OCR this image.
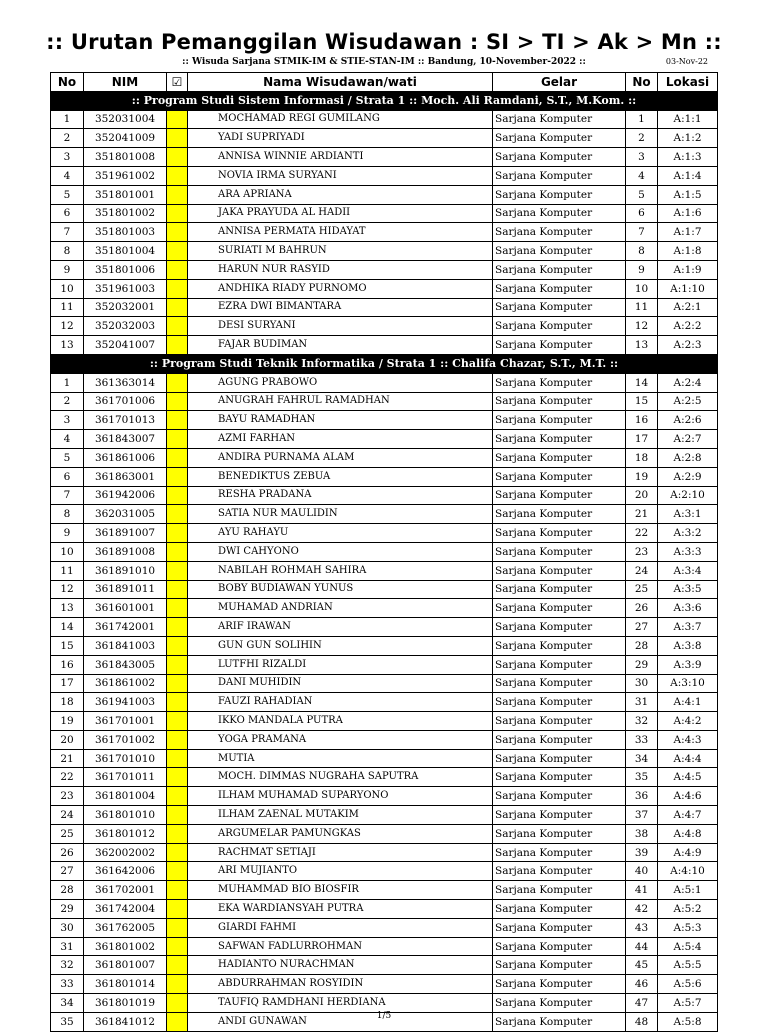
:: Urutan Pemanggilan Wisudawan : SI > TI > Ak > Mn ::
:: Wisuda Sarjana STMIK-IM & STIE-STAN-IM :: Bandung, 10-November-2022 ::	03-Nov-22
No	NIM	☑	Nama Wisudawan/wati	Gelar	No	Lokasi
:: Program Studi Sistem Informasi / Strata 1 :: Moch. Ali Ramdani, S.T., M.Kom. ::						
1	352031004		MOCHAMAD REGI GUMILANG	Sarjana Komputer	1	A:1:1
2	352041009		YADI SUPRIYADI	Sarjana Komputer	2	A:1:2
3	351801008		ANNISA WINNIE ARDIANTI	Sarjana Komputer	3	A:1:3
4	351961002		NOVIA IRMA SURYANI	Sarjana Komputer	4	A:1:4
5	351801001		ARA APRIANA	Sarjana Komputer	5	A:1:5
6	351801002		JAKA PRAYUDA AL HADII	Sarjana Komputer	6	A:1:6
7	351801003		ANNISA PERMATA HIDAYAT	Sarjana Komputer	7	A:1:7
8	351801004		SURIATI M BAHRUN	Sarjana Komputer	8	A:1:8
9	351801006		HARUN NUR RASYID	Sarjana Komputer	9	A:1:9
10	351961003		ANDHIKA RIADY PURNOMO	Sarjana Komputer	10	A:1:10
11	352032001		EZRA DWI BIMANTARA	Sarjana Komputer	11	A:2:1
12	352032003		DESI SURYANI	Sarjana Komputer	12	A:2:2
13	352041007		FAJAR BUDIMAN	Sarjana Komputer	13	A:2:3
:: Program Studi Teknik Informatika / Strata 1 :: Chalifa Chazar, S.T., M.T. ::						
1	361363014		AGUNG PRABOWO	Sarjana Komputer	14	A:2:4
2	361701006		ANUGRAH FAHRUL RAMADHAN	Sarjana Komputer	15	A:2:5
3	361701013		BAYU RAMADHAN	Sarjana Komputer	16	A:2:6
4	361843007		AZMI FARHAN	Sarjana Komputer	17	A:2:7
5	361861006		ANDIRA PURNAMA ALAM	Sarjana Komputer	18	A:2:8
6	361863001		BENEDIKTUS ZEBUA	Sarjana Komputer	19	A:2:9
7	361942006		RESHA PRADANA	Sarjana Komputer	20	A:2:10
8	362031005		SATIA NUR MAULIDIN	Sarjana Komputer	21	A:3:1
9	361891007		AYU RAHAYU	Sarjana Komputer	22	A:3:2
10	361891008		DWI CAHYONO	Sarjana Komputer	23	A:3:3
11	361891010		NABILAH ROHMAH SAHIRA	Sarjana Komputer	24	A:3:4
12	361891011		BOBY BUDIAWAN YUNUS	Sarjana Komputer	25	A:3:5
13	361601001		MUHAMAD ANDRIAN	Sarjana Komputer	26	A:3:6
14	361742001		ARIF IRAWAN	Sarjana Komputer	27	A:3:7
15	361841003		GUN GUN SOLIHIN	Sarjana Komputer	28	A:3:8
16	361843005		LUTFHI RIZALDI	Sarjana Komputer	29	A:3:9
17	361861002		DANI MUHIDIN	Sarjana Komputer	30	A:3:10
18	361941003		FAUZI RAHADIAN	Sarjana Komputer	31	A:4:1
19	361701001		IKKO MANDALA PUTRA	Sarjana Komputer	32	A:4:2
20	361701002		YOGA PRAMANA	Sarjana Komputer	33	A:4:3
21	361701010		MUTIA	Sarjana Komputer	34	A:4:4
22	361701011		MOCH. DIMMAS NUGRAHA SAPUTRA	Sarjana Komputer	35	A:4:5
23	361801004		ILHAM MUHAMAD SUPARYONO	Sarjana Komputer	36	A:4:6
24	361801010		ILHAM ZAENAL MUTAKIM	Sarjana Komputer	37	A:4:7
25	361801012		ARGUMELAR PAMUNGKAS	Sarjana Komputer	38	A:4:8
26	362002002		RACHMAT SETIAJI	Sarjana Komputer	39	A:4:9
27	361642006		ARI MUJIANTO	Sarjana Komputer	40	A:4:10
28	361702001		MUHAMMAD BIO BIOSFIR	Sarjana Komputer	41	A:5:1
29	361742004		EKA WARDIANSYAH PUTRA	Sarjana Komputer	42	A:5:2
30	361762005		GIARDI FAHMI	Sarjana Komputer	43	A:5:3
31	361801002		SAFWAN FADLURROHMAN	Sarjana Komputer	44	A:5:4
32	361801007		HADIANTO NURACHMAN	Sarjana Komputer	45	A:5:5
33	361801014		ABDURRAHMAN ROSYIDIN	Sarjana Komputer	46	A:5:6
34	361801019		TAUFIQ RAMDHANI HERDIANA	Sarjana Komputer	47	A:5:7
35	361841012		ANDI GUNAWAN	Sarjana Komputer	48	A:5:8
1/5
